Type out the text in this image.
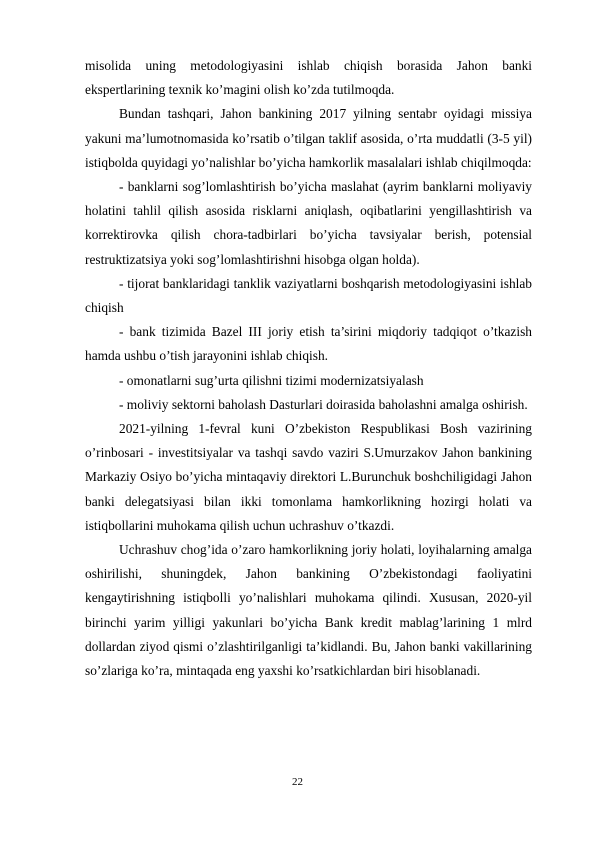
misolida uning metodologiyasini ishlab chiqish borasida Jahon banki ekspertlarining texnik ko’magini olish ko’zda tutilmoqda.

Bundan tashqari, Jahon bankining 2017 yilning sentabr oyidagi missiya yakuni ma’lumotnomasida ko’rsatib o’tilgan taklif asosida, o’rta muddatli (3-5 yil) istiqbolda quyidagi yo’nalishlar bo’yicha hamkorlik masalalari ishlab chiqilmoqda:

- banklarni sog’lomlashtirish bo’yicha maslahat (ayrim banklarni moliyaviy holatini tahlil qilish asosida risklarni aniqlash, oqibatlarini yengillashtirish va korrektirovka qilish chora-tadbirlari bo’yicha tavsiyalar berish, potensial restruktizatsiya yoki sog’lomlashtirishni hisobga olgan holda).

- tijorat banklaridagi tanklik vaziyatlarni boshqarish metodologiyasini ishlab chiqish

- bank tizimida Bazel III joriy etish ta’sirini miqdoriy tadqiqot o’tkazish hamda ushbu o’tish jarayonini ishlab chiqish.

- omonatlarni sug’urta qilishni tizimi modernizatsiyalash

- moliviy sektorni baholash Dasturlari doirasida baholashni amalga oshirish.

2021-yilning 1-fevral kuni O’zbekiston Respublikasi Bosh vazirining o’rinbosari - investitsiyalar va tashqi savdo vaziri S.Umurzakov Jahon bankining Markaziy Osiyo bo’yicha mintaqaviy direktori L.Burunchuk boshchiligidagi Jahon banki delegatsiyasi bilan ikki tomonlama hamkorlikning hozirgi holati va istiqbollarini muhokama qilish uchun uchrashuv o’tkazdi.

Uchrashuv chog’ida o’zaro hamkorlikning joriy holati, loyihalarning amalga oshirilishi, shuningdek, Jahon bankining O’zbekistondagi faoliyatini kengaytirishning istiqbolli yo’nalishlari muhokama qilindi. Xususan, 2020-yil birinchi yarim yilligi yakunlari bo’yicha Bank kredit mablag’larining 1 mlrd dollardan ziyod qismi o’zlashtirilganligi ta’kidlandi. Bu, Jahon banki vakillarining so’zlariga ko’ra, mintaqada eng yaxshi ko’rsatkichlardan biri hisoblanadi.

22
